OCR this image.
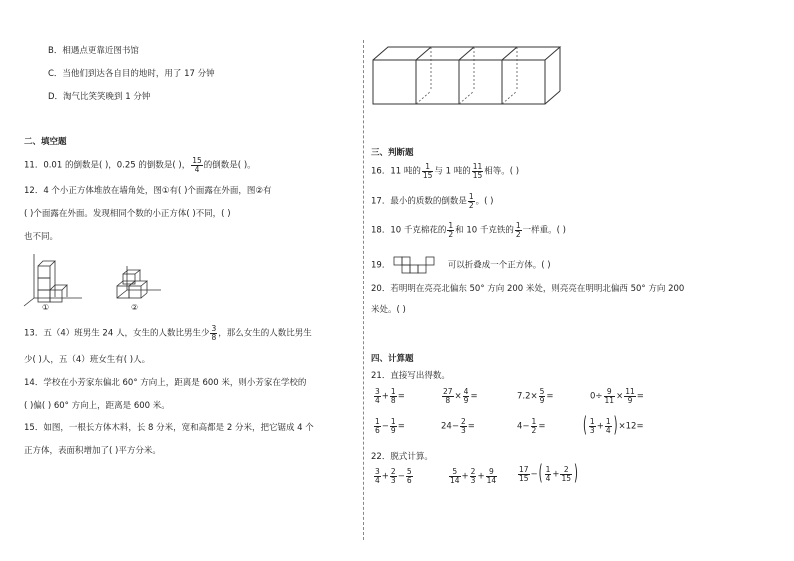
B．相遇点更靠近图书馆
C．当他们到达各自目的地时，用了 17 分钟
D．淘气比笑笑晚到 1 分钟
二、填空题
11．0.01 的倒数是( )，0.25 的倒数是( )， $\frac{15}{4}$ 的倒数是( )。
12．4 个小正方体堆放在墙角处，图①有( )个面露在外面，图②有
( )个面露在外面。发现相同个数的小正方体( )不同，( )
也不同。
①	②
13．五（4）班男生 24 人，女生的人数比男生少 $\frac{3}{8}$ ，那么女生的人数比男生
少( )人，五（4）班女生有( )人。
14．学校在小芳家东偏北 60° 方向上，距离是 600 米，则小芳家在学校的
( )偏( ) 60° 方向上，距离是 600 米。
15．如图，一根长方体木料，长 8 分米，宽和高都是 2 分米，把它锯成 4 个
正方体，表面积增加了( )平方分米。
三、判断题
16．11 吨的 $\frac{1}{15}$ 与 1 吨的 $\frac{11}{15}$ 相等。( )
17．最小的质数的倒数是 $\frac{1}{2}$ 。( )
18．10 千克棉花的 $\frac{1}{2}$ 和 10 千克铁的 $\frac{1}{2}$ 一样重。( )
19．	可以折叠成一个正方体。( )
20．若明明在亮亮北偏东 50° 方向 200 米处，则亮亮在明明北偏西 50° 方向 200
米处。( )
四、计算题
21．直接写出得数。
$\frac{3}{4} + \frac{1}{8}$ =	$\frac{27}{8} \times \frac{4}{9}$ =	$7.2\times \frac{5}{9}$ =	$0\div \frac{9}{11} \times \frac{11}{9}$ =
$\frac{1}{6} - \frac{1}{9}$ =	$24- \frac{2}{3}$ =	$4- \frac{1}{2}$ =	( $\frac{1}{3} + \frac{1}{4} )\times 12=$
22．脱式计算。
$\frac{3}{4} + \frac{2}{3} - \frac{5}{6}$	$\frac{5}{14} + \frac{2}{3} + \frac{9}{14}$	$\frac{17}{15}$ −( $\frac{1}{4} + \frac{2}{15}$ )
